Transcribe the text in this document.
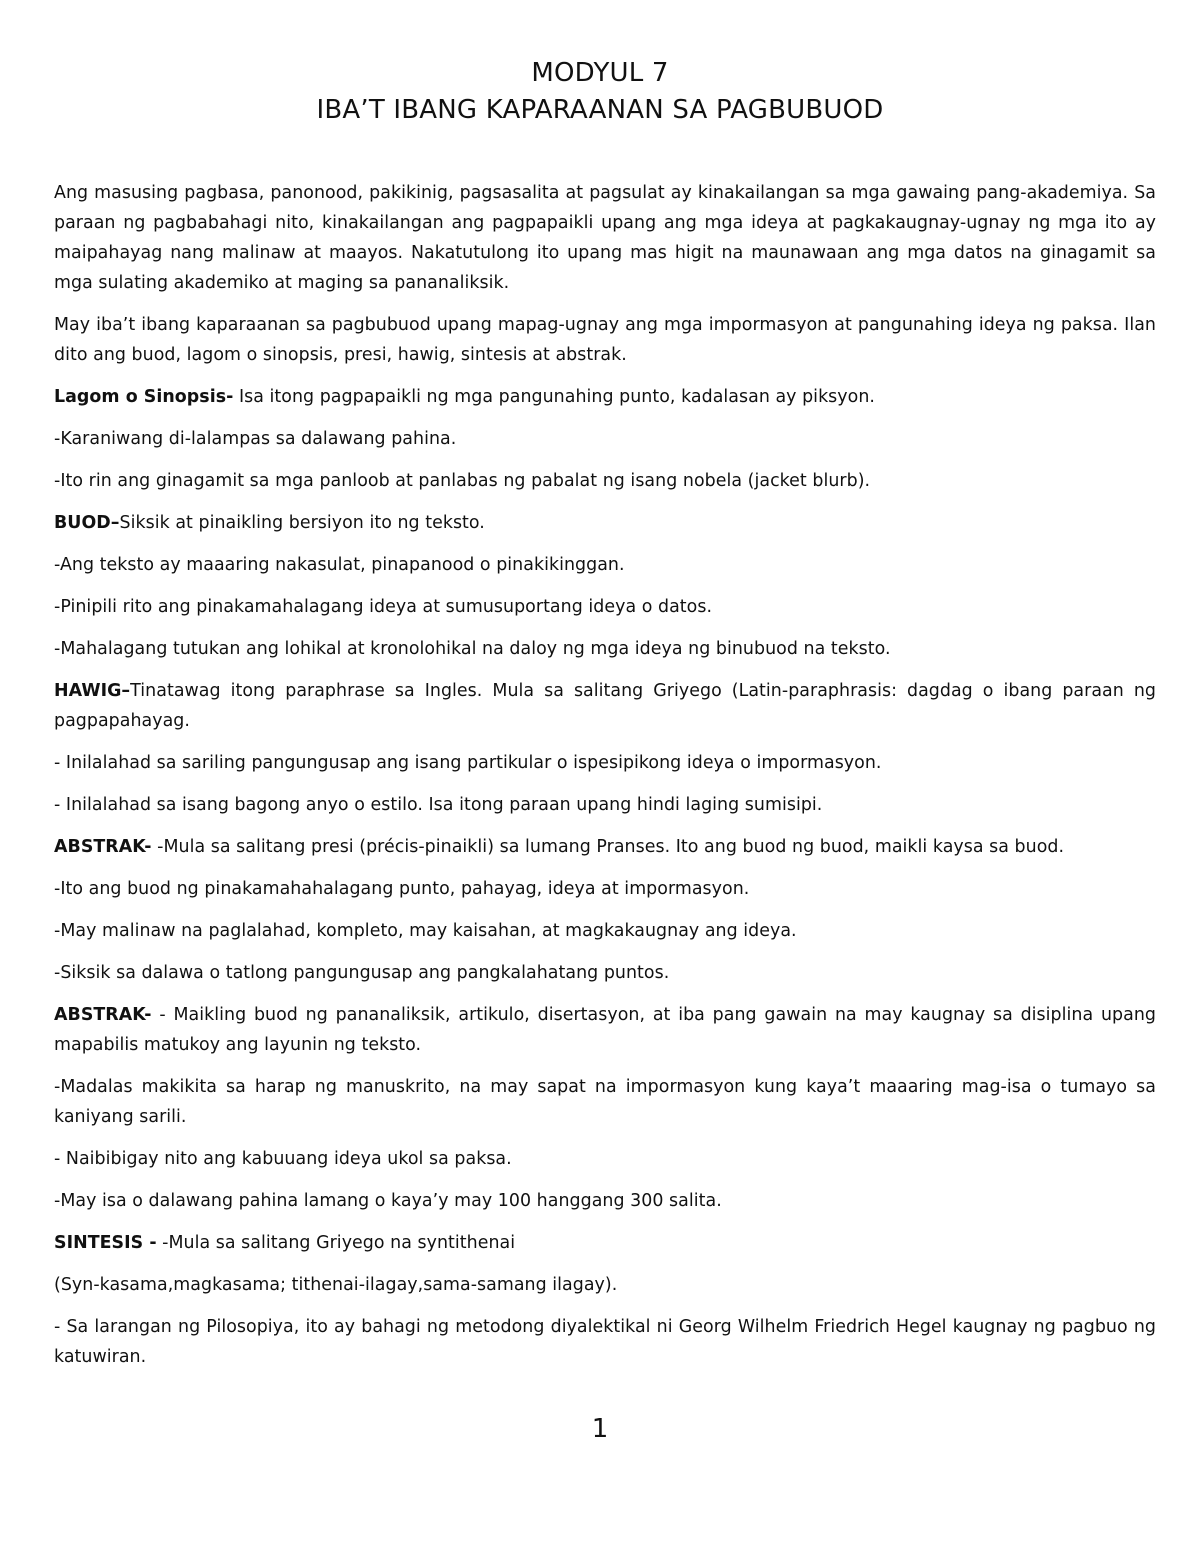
MODYUL 7
IBA’T IBANG KAPARAANAN SA PAGBUBUOD

Ang masusing pagbasa, panonood, pakikinig, pagsasalita at pagsulat ay kinakailangan sa mga gawaing pang-akademiya. Sa paraan ng pagbabahagi nito, kinakailangan ang pagpapaikli upang ang mga ideya at pagkakaugnay-ugnay ng mga ito ay maipahayag nang malinaw at maayos. Nakatutulong ito upang mas higit na maunawaan ang mga datos na ginagamit sa mga sulating akademiko at maging sa pananaliksik.

May iba’t ibang kaparaanan sa pagbubuod upang mapag-ugnay ang mga impormasyon at pangunahing ideya ng paksa. Ilan dito ang buod, lagom o sinopsis, presi, hawig, sintesis at abstrak.

Lagom o Sinopsis- Isa itong pagpapaikli ng mga pangunahing punto, kadalasan ay piksyon.

-Karaniwang di-lalampas sa dalawang pahina.

-Ito rin ang ginagamit sa mga panloob at panlabas ng pabalat ng isang nobela (jacket blurb).

BUOD–Siksik at pinaikling bersiyon ito ng teksto.

-Ang teksto ay maaaring nakasulat, pinapanood o pinakikinggan.

-Pinipili rito ang pinakamahalagang ideya at sumusuportang ideya o datos.

-Mahalagang tutukan ang lohikal at kronolohikal na daloy ng mga ideya ng binubuod na teksto.

HAWIG–Tinatawag itong paraphrase sa Ingles. Mula sa salitang Griyego (Latin-paraphrasis: dagdag o ibang paraan ng pagpapahayag.

- Inilalahad sa sariling pangungusap ang isang partikular o ispesipikong ideya o impormasyon.

- Inilalahad sa isang bagong anyo o estilo. Isa itong paraan upang hindi laging sumisipi.

ABSTRAK- -Mula sa salitang presi (précis-pinaikli) sa lumang Pranses. Ito ang buod ng buod, maikli kaysa sa buod.

-Ito ang buod ng pinakamahahalagang punto, pahayag, ideya at impormasyon.

-May malinaw na paglalahad, kompleto, may kaisahan, at magkakaugnay ang ideya.

-Siksik sa dalawa o tatlong pangungusap ang pangkalahatang puntos.

ABSTRAK- - Maikling buod ng pananaliksik, artikulo, disertasyon, at iba pang gawain na may kaugnay sa disiplina upang mapabilis matukoy ang layunin ng teksto.

-Madalas makikita sa harap ng manuskrito, na may sapat na impormasyon kung kaya’t maaaring mag-isa o tumayo sa kaniyang sarili.

- Naibibigay nito ang kabuuang ideya ukol sa paksa.

-May isa o dalawang pahina lamang o kaya’y may 100 hanggang 300 salita.

SINTESIS - -Mula sa salitang Griyego na syntithenai

(Syn-kasama,magkasama; tithenai-ilagay,sama-samang ilagay).

- Sa larangan ng Pilosopiya, ito ay bahagi ng metodong diyalektikal ni Georg Wilhelm Friedrich Hegel kaugnay ng pagbuo ng katuwiran.

1
